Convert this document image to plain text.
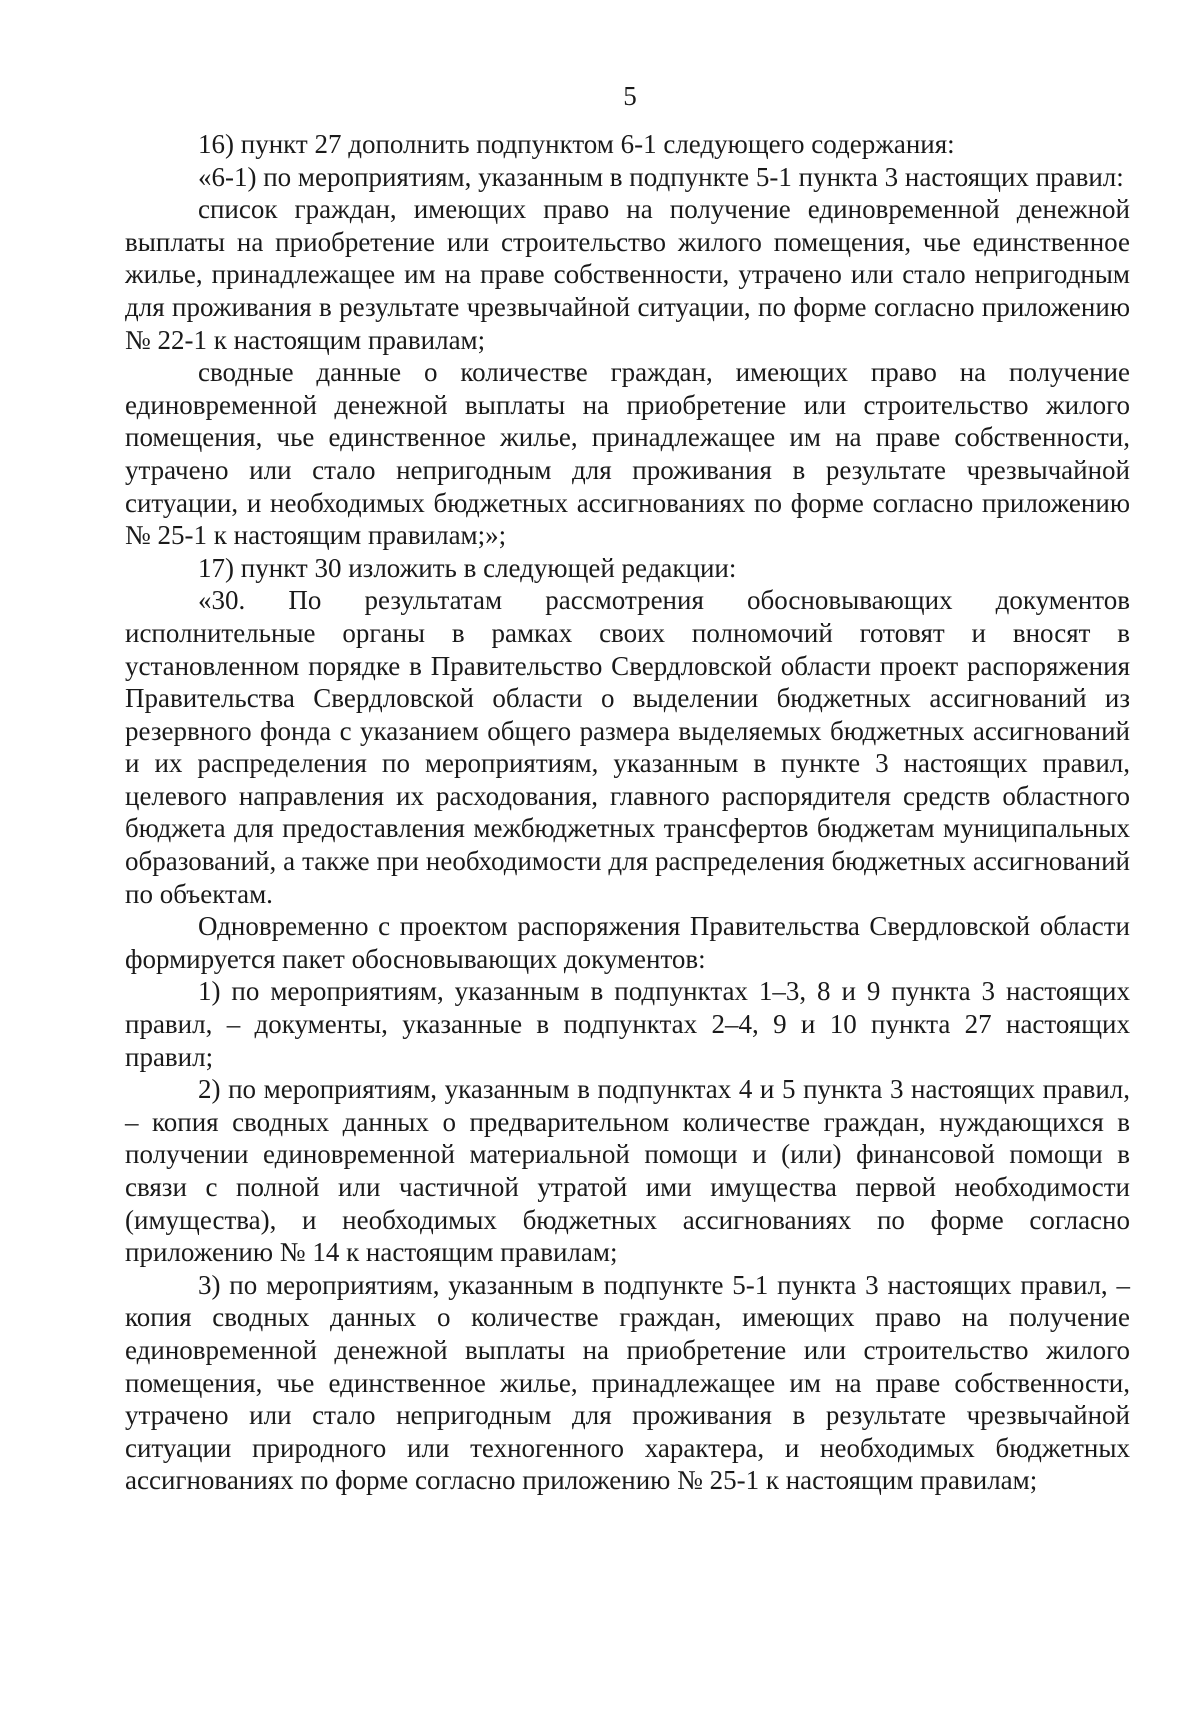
5

16) пункт 27 дополнить подпунктом 6-1 следующего содержания:

«6-1) по мероприятиям, указанным в подпункте 5-1 пункта 3 настоящих правил:

список граждан, имеющих право на получение единовременной денежной выплаты на приобретение или строительство жилого помещения, чье единственное жилье, принадлежащее им на праве собственности, утрачено или стало непригодным для проживания в результате чрезвычайной ситуации, по форме согласно приложению № 22-1 к настоящим правилам;

сводные данные о количестве граждан, имеющих право на получение единовременной денежной выплаты на приобретение или строительство жилого помещения, чье единственное жилье, принадлежащее им на праве собственности, утрачено или стало непригодным для проживания в результате чрезвычайной ситуации, и необходимых бюджетных ассигнованиях по форме согласно приложению № 25-1 к настоящим правилам;»;

17) пункт 30 изложить в следующей редакции:

«30. По результатам рассмотрения обосновывающих документов исполнительные органы в рамках своих полномочий готовят и вносят в установленном порядке в Правительство Свердловской области проект распоряжения Правительства Свердловской области о выделении бюджетных ассигнований из резервного фонда с указанием общего размера выделяемых бюджетных ассигнований и их распределения по мероприятиям, указанным в пункте 3 настоящих правил, целевого направления их расходования, главного распорядителя средств областного бюджета для предоставления межбюджетных трансфертов бюджетам муниципальных образований, а также при необходимости для распределения бюджетных ассигнований по объектам.

Одновременно с проектом распоряжения Правительства Свердловской области формируется пакет обосновывающих документов:

1) по мероприятиям, указанным в подпунктах 1–3, 8 и 9 пункта 3 настоящих правил, – документы, указанные в подпунктах 2–4, 9 и 10 пункта 27 настоящих правил;

2) по мероприятиям, указанным в подпунктах 4 и 5 пункта 3 настоящих правил, – копия сводных данных о предварительном количестве граждан, нуждающихся в получении единовременной материальной помощи и (или) финансовой помощи в связи с полной или частичной утратой ими имущества первой необходимости (имущества), и необходимых бюджетных ассигнованиях по форме согласно приложению № 14 к настоящим правилам;

3) по мероприятиям, указанным в подпункте 5-1 пункта 3 настоящих правил, – копия сводных данных о количестве граждан, имеющих право на получение единовременной денежной выплаты на приобретение или строительство жилого помещения, чье единственное жилье, принадлежащее им на праве собственности, утрачено или стало непригодным для проживания в результате чрезвычайной ситуации природного или техногенного характера, и необходимых бюджетных ассигнованиях по форме согласно приложению № 25-1 к настоящим правилам;
